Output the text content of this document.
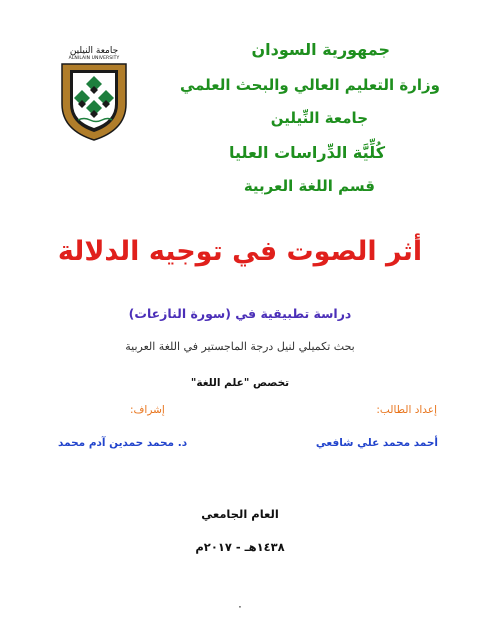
جامعة النيلين
ALNILAIN UNIVERSITY	جمهورية السودان
وزارة التعليم العالي والبحث العلمي
جامعة النِّيلين
كُلِّيَّة الدِّراسات العليا
قسم اللغة العربية
أثر الصوت في توجيه الدلالة
دراسة تطبيقية في (سورة النازعات)
بحث تكميلي لنيل درجة الماجستير في اللغة العربية
تخصص "علم اللغة"
إعداد الطالب:
إشراف:
أحمد محمد علي شافعي
د. محمد حمدين آدم محمد
العام الجامعي
١٤٣٨هـ - ٢٠١٧م
٠
